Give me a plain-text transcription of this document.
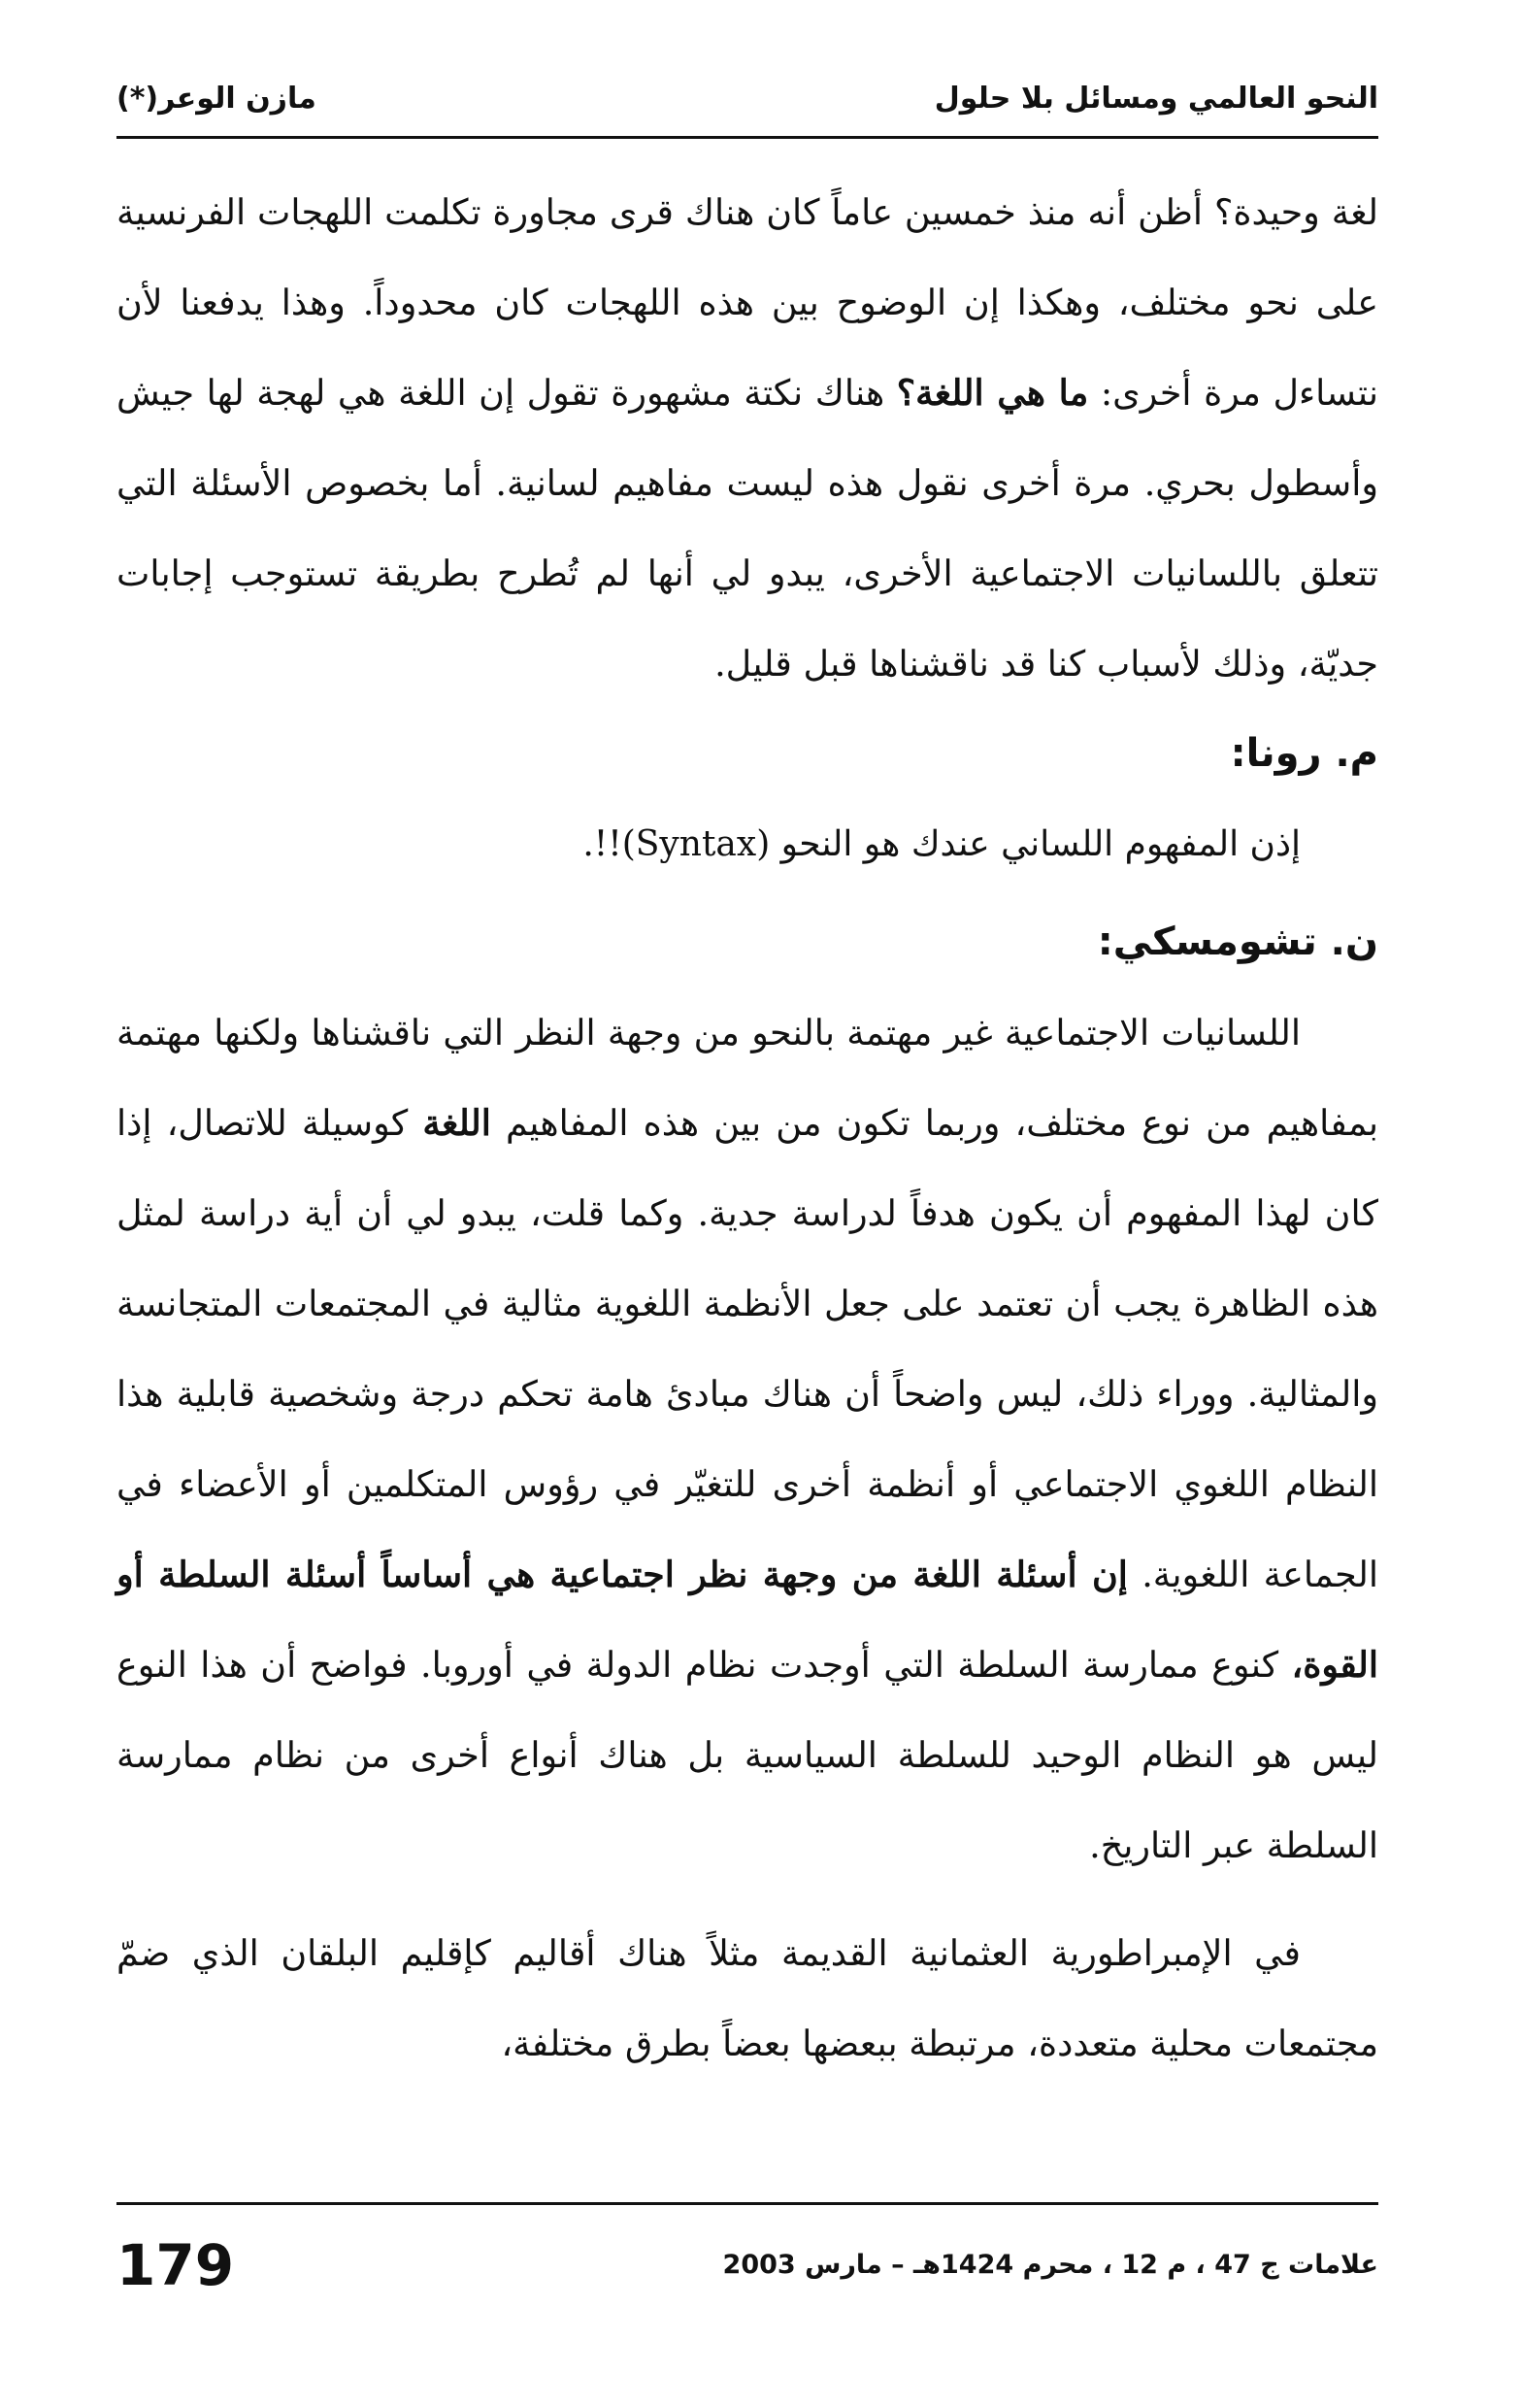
النحو العالمي ومسائل بلا حلول
مازن الوعر(*)

لغة وحيدة؟ أظن أنه منذ خمسين عاماً كان هناك قرى مجاورة تكلمت اللهجات الفرنسية على نحو مختلف، وهكذا إن الوضوح بين هذه اللهجات كان محدوداً. وهذا يدفعنا لأن نتساءل مرة أخرى: ما هي اللغة؟ هناك نكتة مشهورة تقول إن اللغة هي لهجة لها جيش وأسطول بحري. مرة أخرى نقول هذه ليست مفاهيم لسانية. أما بخصوص الأسئلة التي تتعلق باللسانيات الاجتماعية الأخرى، يبدو لي أنها لم تُطرح بطريقة تستوجب إجابات جديّة، وذلك لأسباب كنا قد ناقشناها قبل قليل.

م. رونا:

إذن المفهوم اللساني عندك هو النحو (Syntax)!!.

ن. تشومسكي:

اللسانيات الاجتماعية غير مهتمة بالنحو من وجهة النظر التي ناقشناها ولكنها مهتمة بمفاهيم من نوع مختلف، وربما تكون من بين هذه المفاهيم اللغة كوسيلة للاتصال، إذا كان لهذا المفهوم أن يكون هدفاً لدراسة جدية. وكما قلت، يبدو لي أن أية دراسة لمثل هذه الظاهرة يجب أن تعتمد على جعل الأنظمة اللغوية مثالية في المجتمعات المتجانسة والمثالية. ووراء ذلك، ليس واضحاً أن هناك مبادئ هامة تحكم درجة وشخصية قابلية هذا النظام اللغوي الاجتماعي أو أنظمة أخرى للتغيّر في رؤوس المتكلمين أو الأعضاء في الجماعة اللغوية. إن أسئلة اللغة من وجهة نظر اجتماعية هي أساساً أسئلة السلطة أو القوة، كنوع ممارسة السلطة التي أوجدت نظام الدولة في أوروبا. فواضح أن هذا النوع ليس هو النظام الوحيد للسلطة السياسية بل هناك أنواع أخرى من نظام ممارسة السلطة عبر التاريخ.

في الإمبراطورية العثمانية القديمة مثلاً هناك أقاليم كإقليم البلقان الذي ضمّ مجتمعات محلية متعددة، مرتبطة ببعضها بعضاً بطرق مختلفة،

علامات ج 47 ، م 12 ، محرم 1424هـ – مارس 2003
179
